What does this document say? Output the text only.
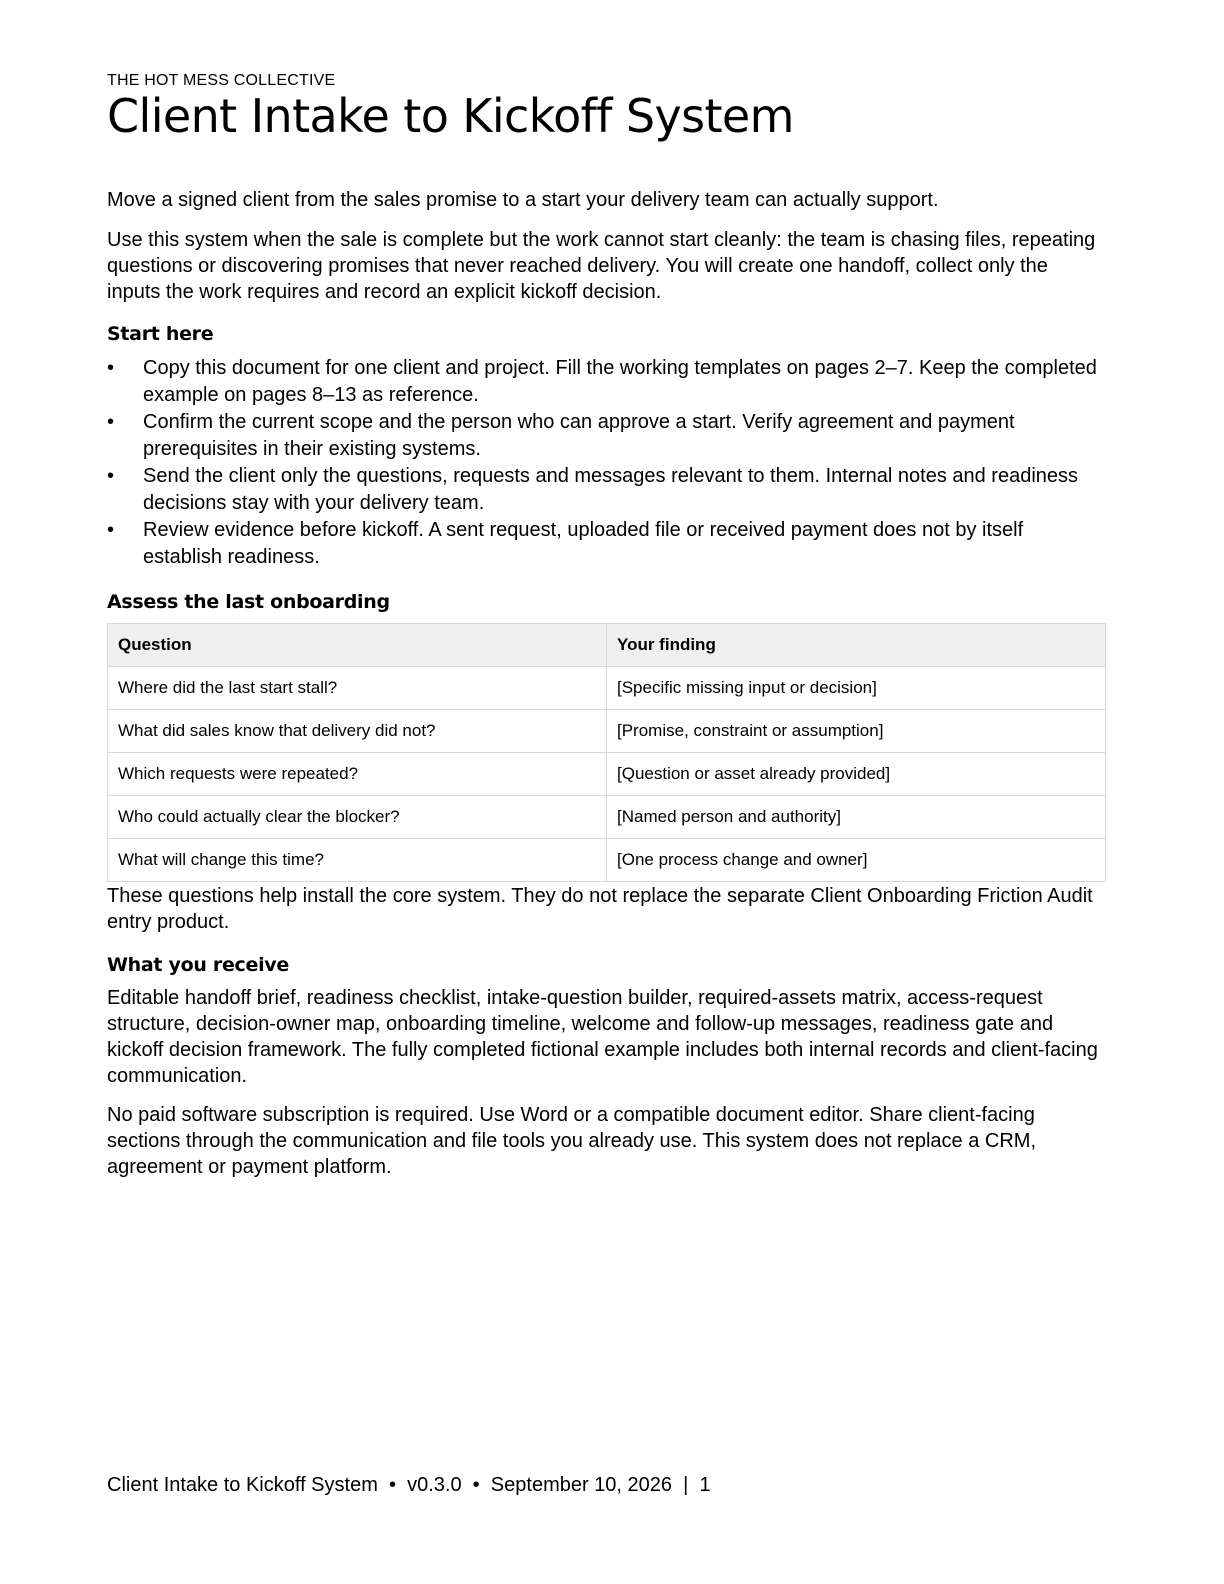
THE HOT MESS COLLECTIVE
Client Intake to Kickoff System

Move a signed client from the sales promise to a start your delivery team can actually support.

Use this system when the sale is complete but the work cannot start cleanly: the team is chasing files, repeating questions or discovering promises that never reached delivery. You will create one handoff, collect only the inputs the work requires and record an explicit kickoff decision.

Start here
• Copy this document for one client and project. Fill the working templates on pages 2–7. Keep the completed example on pages 8–13 as reference.
• Confirm the current scope and the person who can approve a start. Verify agreement and payment prerequisites in their existing systems.
• Send the client only the questions, requests and messages relevant to them. Internal notes and readiness decisions stay with your delivery team.
• Review evidence before kickoff. A sent request, uploaded file or received payment does not by itself establish readiness.
Assess the last onboarding
Question	Your finding
Where did the last start stall?	[Specific missing input or decision]
What did sales know that delivery did not?	[Promise, constraint or assumption]
Which requests were repeated?	[Question or asset already provided]
Who could actually clear the blocker?	[Named person and authority]
What will change this time?	[One process change and owner]

These questions help install the core system. They do not replace the separate Client Onboarding Friction Audit entry product.

What you receive

Editable handoff brief, readiness checklist, intake-question builder, required-assets matrix, access-request structure, decision-owner map, onboarding timeline, welcome and follow-up messages, readiness gate and kickoff decision framework. The fully completed fictional example includes both internal records and client-facing communication.

No paid software subscription is required. Use Word or a compatible document editor. Share client-facing sections through the communication and file tools you already use. This system does not replace a CRM, agreement or payment platform.

Client Intake to Kickoff System  •  v0.3.0  •  September 10, 2026  |  1
